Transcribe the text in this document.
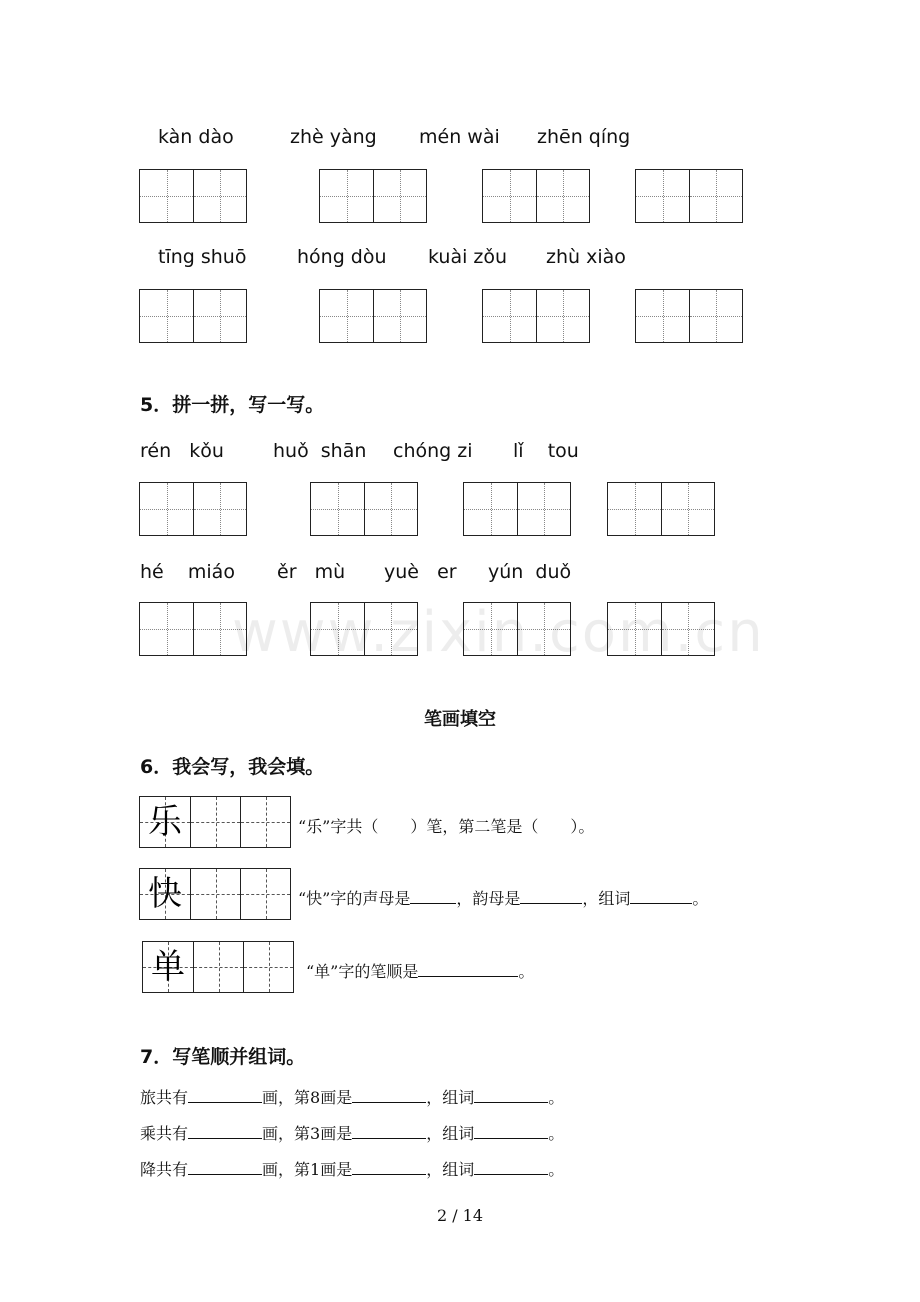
kàn dào	zhè yàng mén wài zhēn qíng
tīng shuō	hóng dòu kuài zǒu zhù xiào
5．拼一拼，写一写。
rén   kǒu	huǒ  shān chóng zi lǐ    tou
hé    miáo ěr   mù yuè   er yún  duǒ
www.zixin.com.cn
笔画填空
6．我会写，我会填。
乐	“乐”字共（　　）笔，第二笔是（　　）。
快	“快”字的声母是	，韵母是	，组词	。
单	“单”字的笔顺是	。
7．写笔顺并组词。
旅共有	画，第8画是	，组词	。
乘共有	画，第3画是	，组词	。
降共有	画，第1画是	，组词	。
2 / 14
